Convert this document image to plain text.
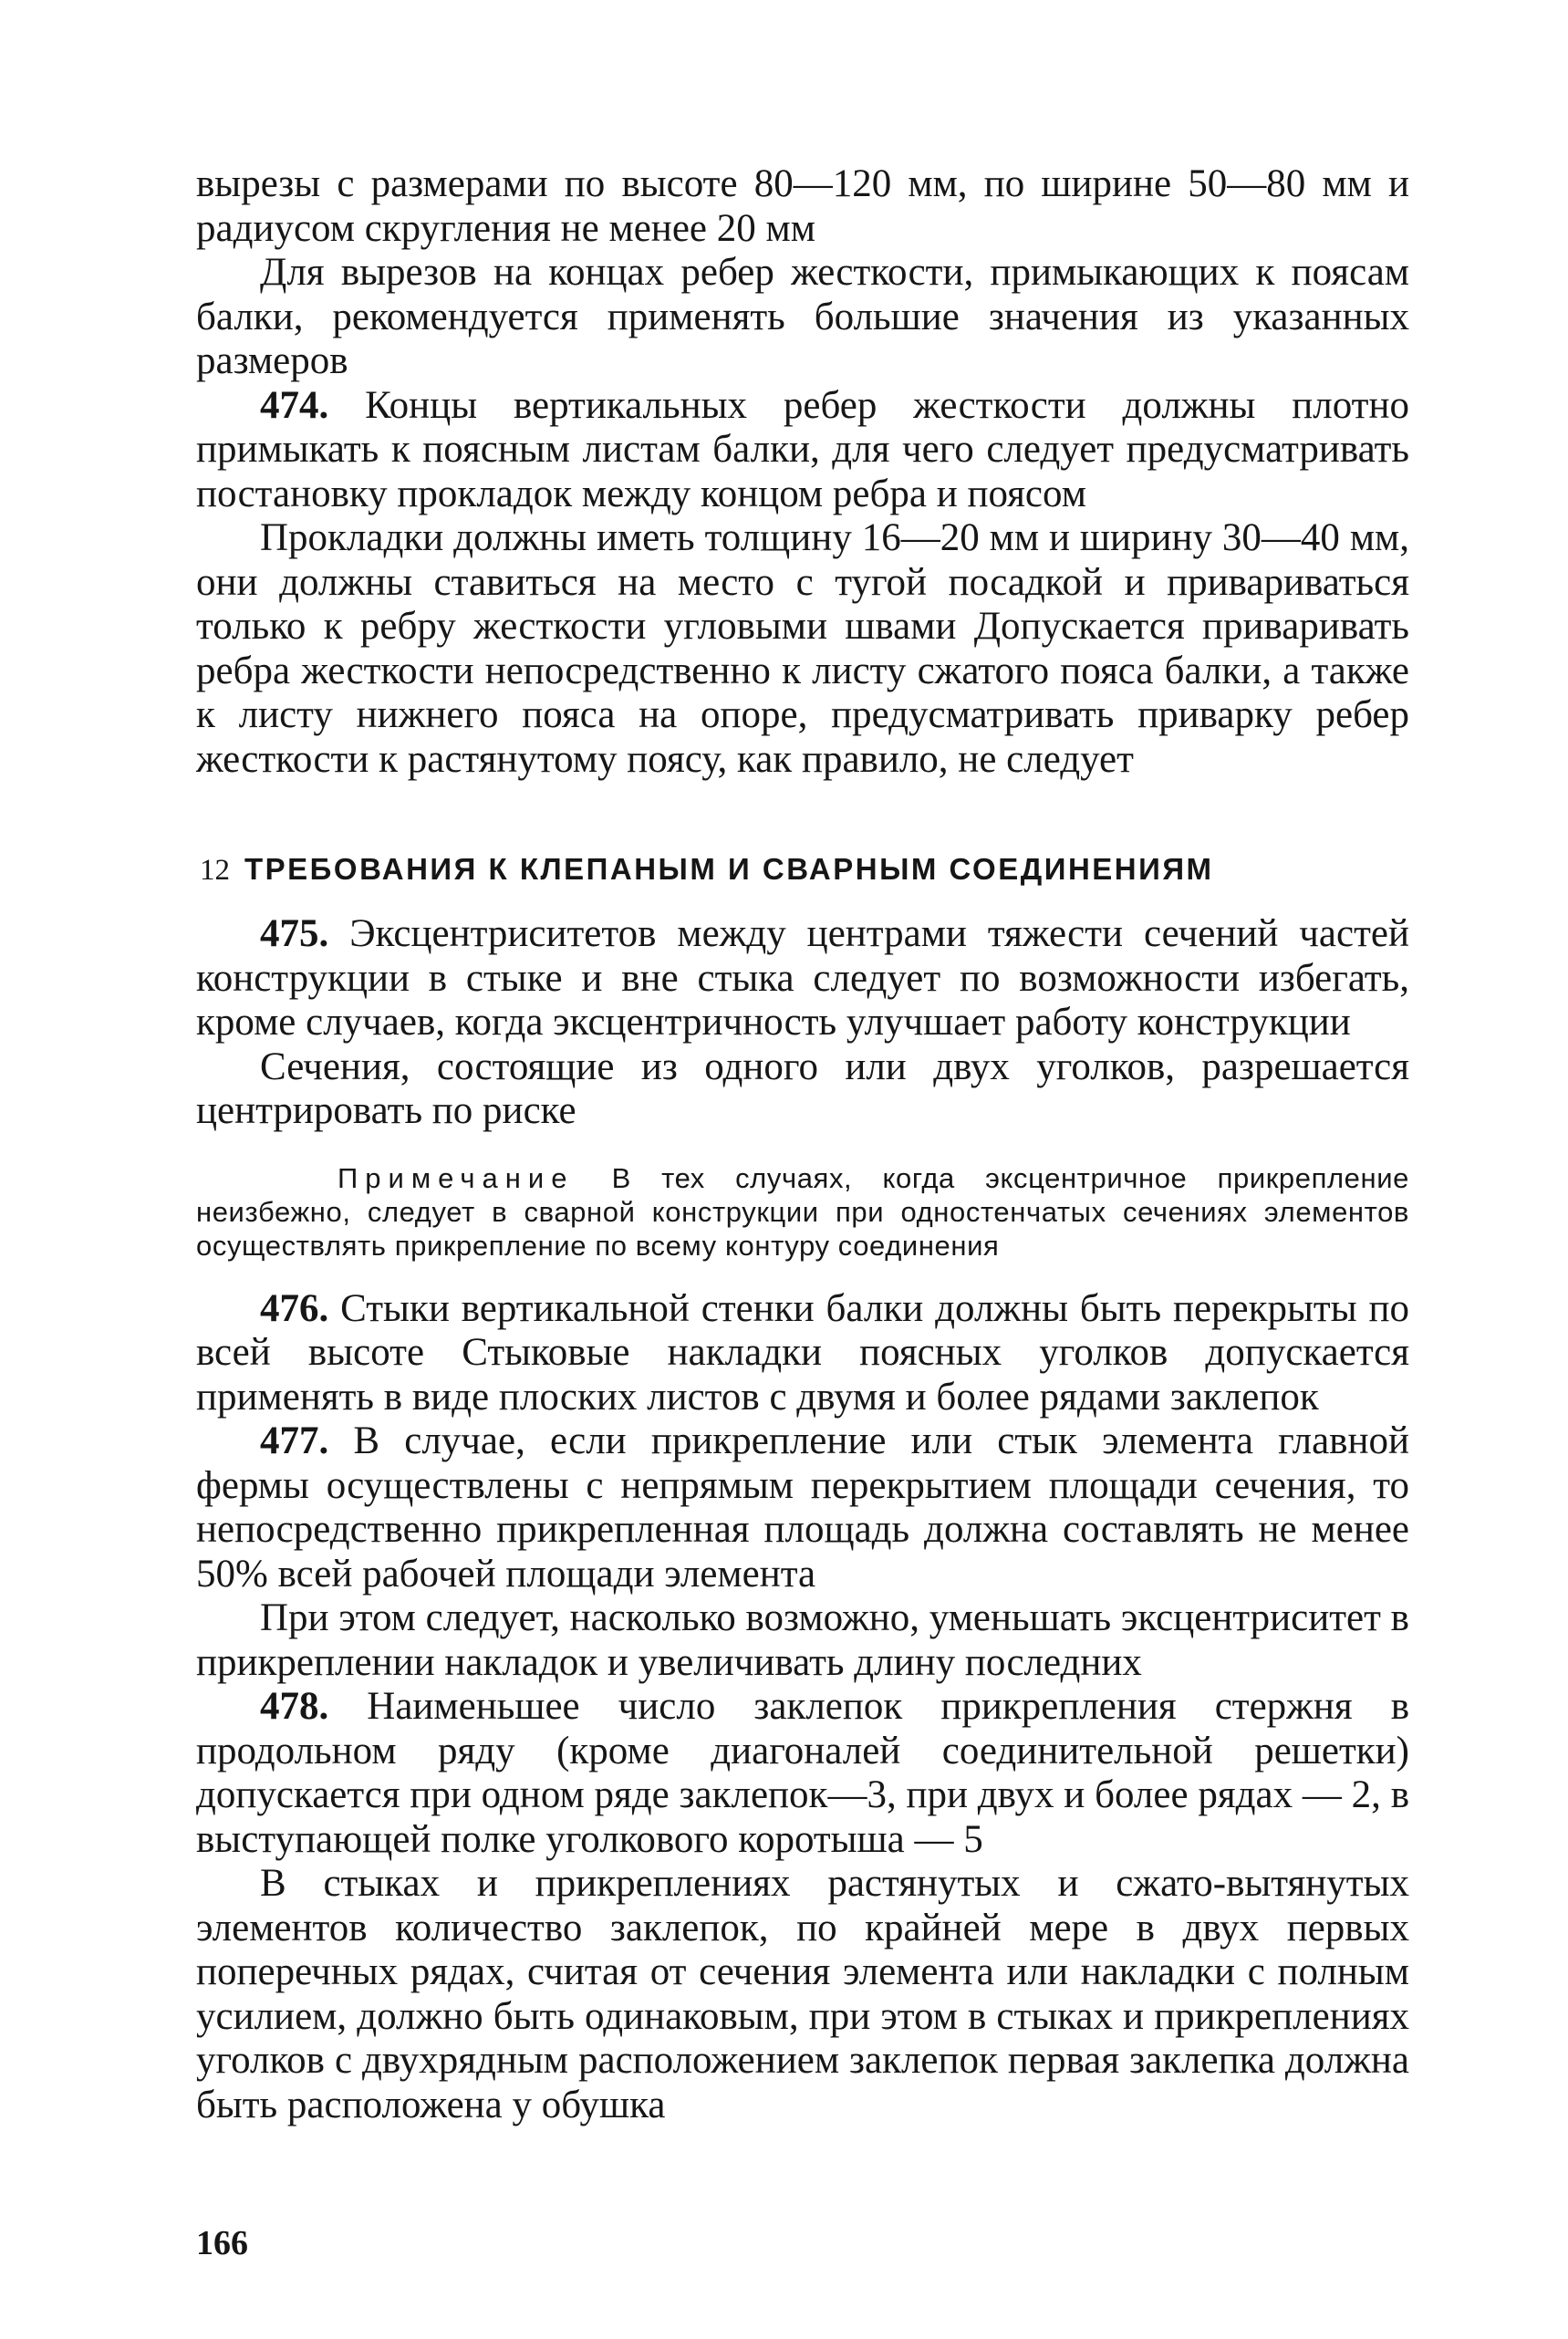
вырезы с размерами по высоте 80—120 мм, по ширине 50—80 мм и радиусом скругления не менее 20 мм

Для вырезов на концах ребер жесткости, примыкающих к поясам балки, рекомендуется применять большие значения из указанных размеров

474. Концы вертикальных ребер жесткости должны плотно примыкать к поясным листам балки, для чего следует предусматривать постановку прокладок между концом ребра и поясом

Прокладки должны иметь толщину 16—20 мм и ширину 30—40 мм, они должны ставиться на место с тугой посадкой и привариваться только к ребру жесткости угловыми швами Допускается приваривать ребра жесткости непосредственно к листу сжатого пояса балки, а также к листу нижнего пояса на опоре, предусматривать приварку ребер жесткости к растянутому поясу, как правило, не следует

12 ТРЕБОВАНИЯ К КЛЕПАНЫМ И СВАРНЫМ СОЕДИНЕНИЯМ

475. Эксцентриситетов между центрами тяжести сечений частей конструкции в стыке и вне стыка следует по возможности избегать, кроме случаев, когда эксцентричность улучшает работу конструкции

Сечения, состоящие из одного или двух уголков, разрешается центрировать по риске

Примечание В тех случаях, когда эксцентричное прикрепление неизбежно, следует в сварной конструкции при одностенчатых сечениях элементов осуществлять прикрепление по всему контуру соединения

476. Стыки вертикальной стенки балки должны быть перекрыты по всей высоте Стыковые накладки поясных уголков допускается применять в виде плоских листов с двумя и более рядами заклепок

477. В случае, если прикрепление или стык элемента главной фермы осуществлены с непрямым перекрытием площади сечения, то непосредственно прикрепленная площадь должна составлять не менее 50% всей рабочей площади элемента

При этом следует, насколько возможно, уменьшать эксцентриситет в прикреплении накладок и увеличивать длину последних

478. Наименьшее число заклепок прикрепления стержня в продольном ряду (кроме диагоналей соединительной решетки) допускается при одном ряде заклепок—3, при двух и более рядах — 2, в выступающей полке уголкового коротыша — 5

В стыках и прикреплениях растянутых и сжато-вытянутых элементов количество заклепок, по крайней мере в двух первых поперечных рядах, считая от сечения элемента или накладки с полным усилием, должно быть одинаковым, при этом в стыках и прикреплениях уголков с двухрядным расположением заклепок первая заклепка должна быть расположена у обушка

166
